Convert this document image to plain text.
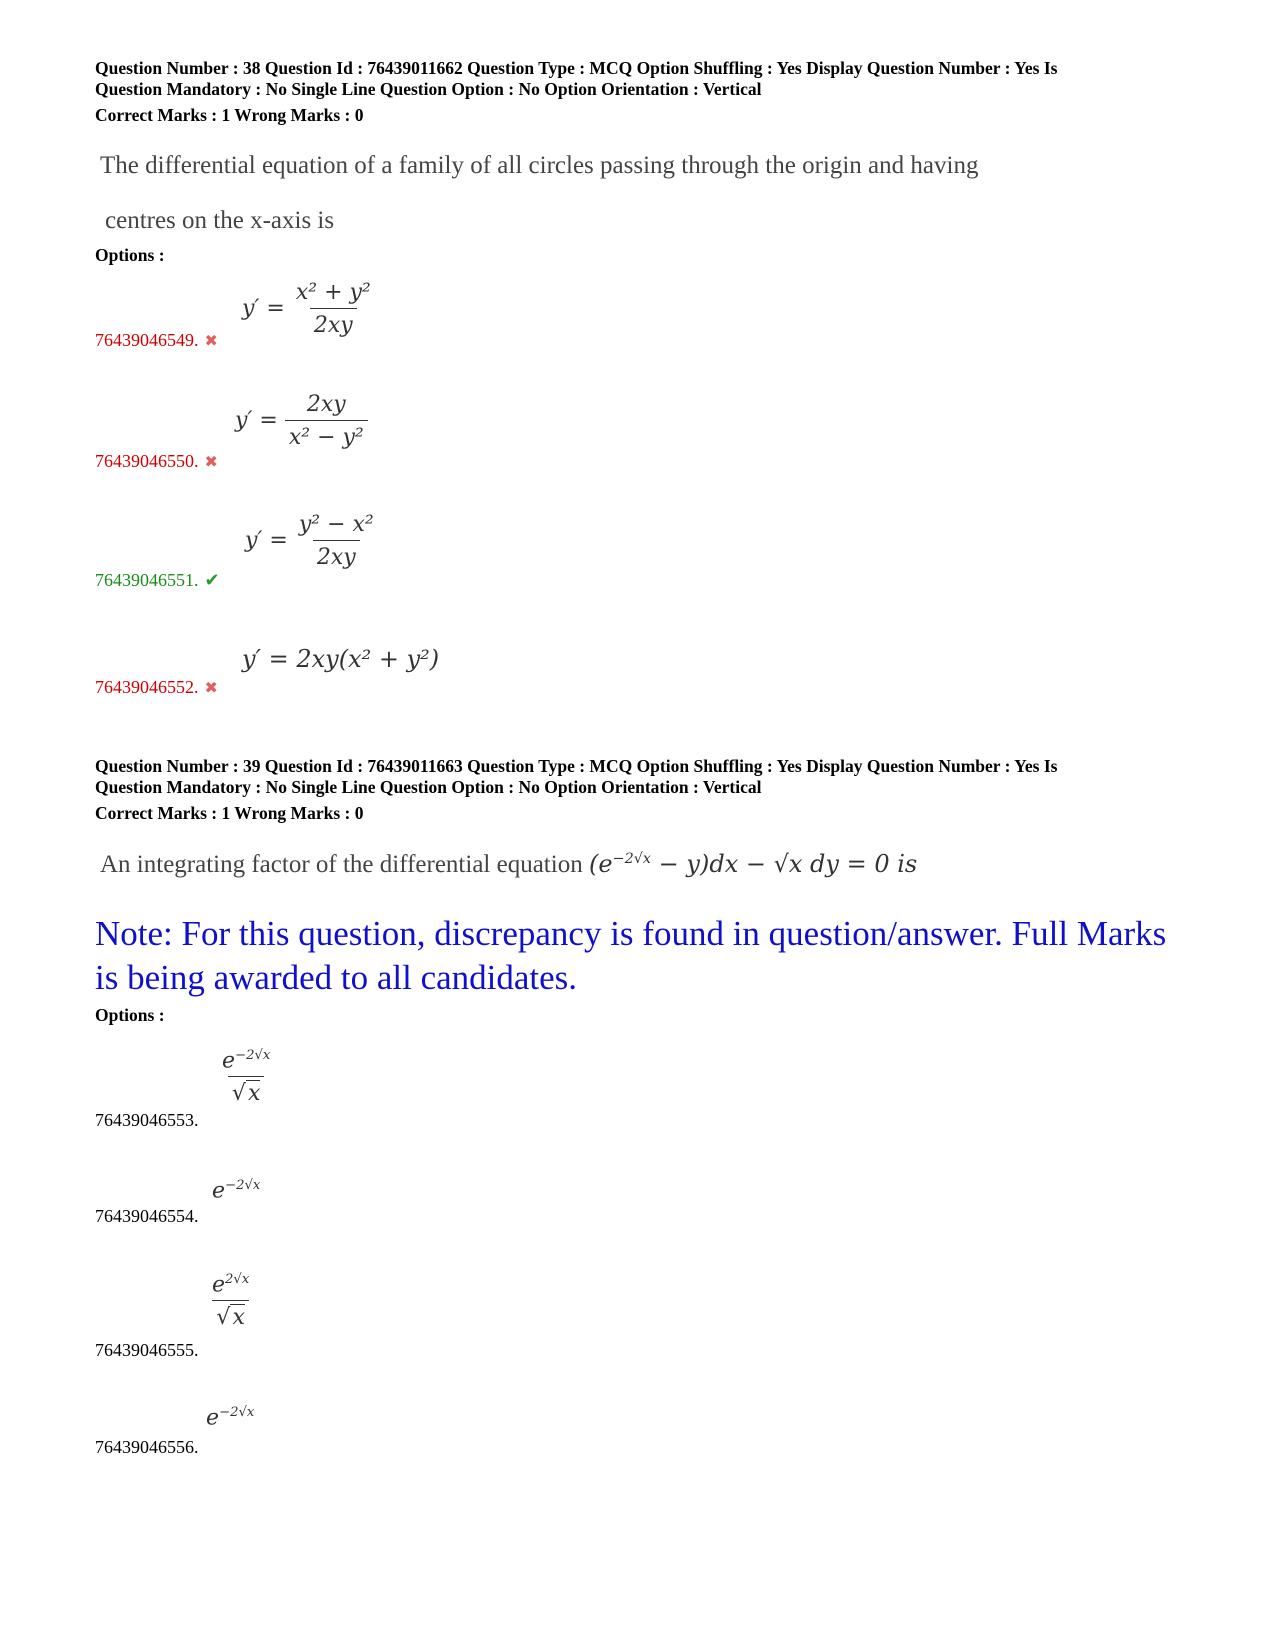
Question Number : 38 Question Id : 76439011662 Question Type : MCQ Option Shuffling : Yes Display Question Number : Yes Is
Question Mandatory : No Single Line Question Option : No Option Orientation : Vertical
Correct Marks : 1 Wrong Marks : 0
The differential equation of a family of all circles passing through the origin and having
centres on the x-axis is
Options :
$y' = \frac{\text{x² + y²}}{2xy}$
76439046549. ✖
$y' = \frac{2xy}{\text{x² − y²}}$
76439046550. ✖
$y' = \frac{\text{y² − x²}}{2xy}$
76439046551. ✔
y′ = 2xy(x² + y²)
76439046552. ✖
Question Number : 39 Question Id : 76439011663 Question Type : MCQ Option Shuffling : Yes Display Question Number : Yes Is
Question Mandatory : No Single Line Question Option : No Option Orientation : Vertical
Correct Marks : 1 Wrong Marks : 0
An integrating factor of the differential equation $(e^{-2√x} - y)dx - √x$ dy = 0 is
Note: For this question, discrepancy is found in question/answer. Full Marks is being awarded to all candidates.
Options :
$\frac{e^{-2√x}}{√x}$
76439046553.
$e^{-2√x}$
76439046554.
$\frac{e^{2√x}}{√x}$
76439046555.
$e^{-2√x}$
76439046556.
